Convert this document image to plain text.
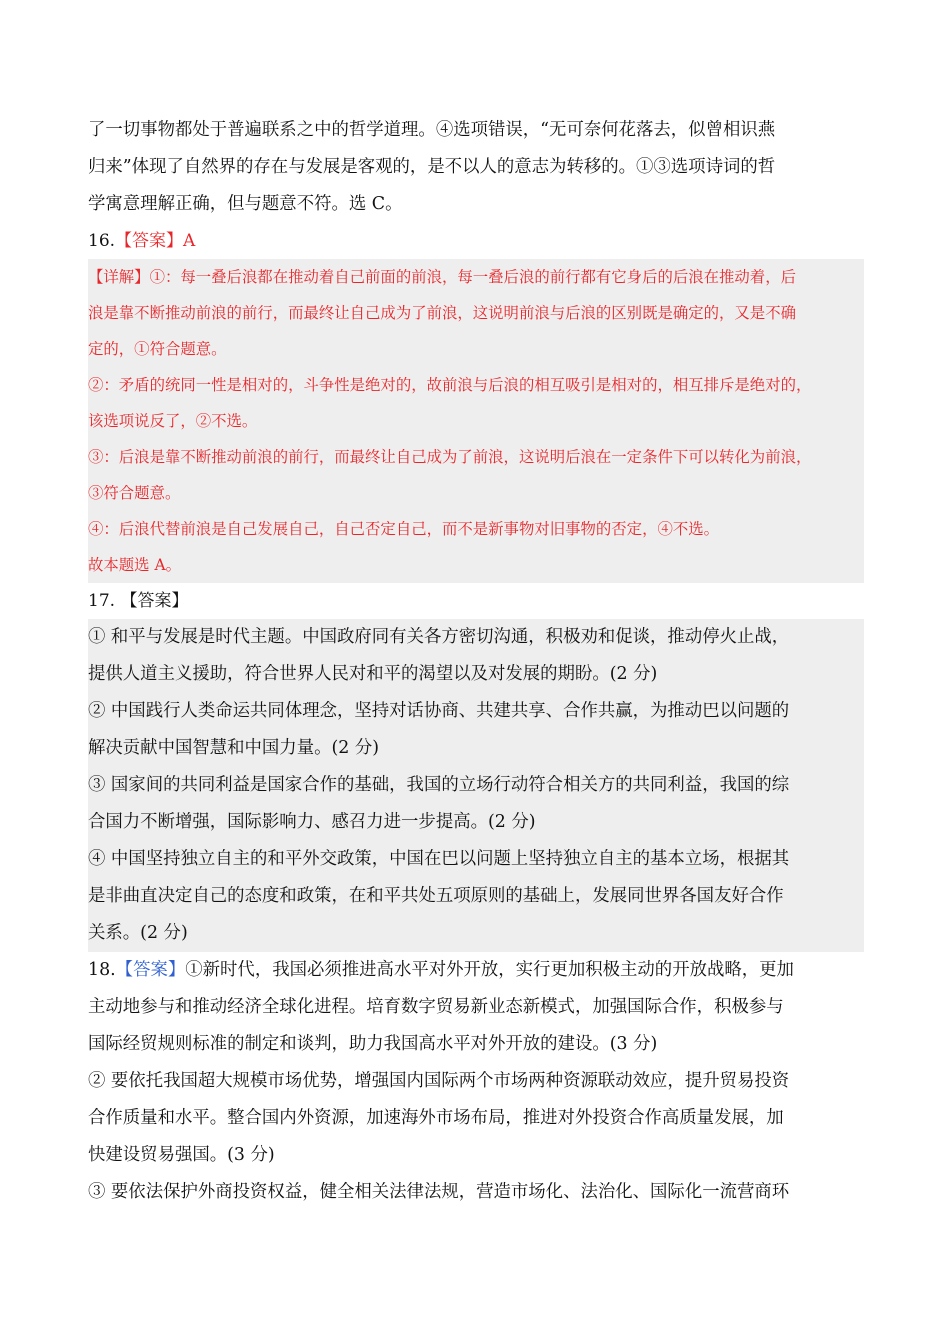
了一切事物都处于普遍联系之中的哲学道理。④选项错误，“无可奈何花落去，似曾相识燕

归来”体现了自然界的存在与发展是客观的，是不以人的意志为转移的。①③选项诗词的哲

学寓意理解正确，但与题意不符。选 C。

16.【答案】A

【详解】①：每一叠后浪都在推动着自己前面的前浪，每一叠后浪的前行都有它身后的后浪在推动着，后

浪是靠不断推动前浪的前行，而最终让自己成为了前浪，这说明前浪与后浪的区别既是确定的，又是不确

定的，①符合题意。

②：矛盾的统同一性是相对的，斗争性是绝对的，故前浪与后浪的相互吸引是相对的，相互排斥是绝对的，

该选项说反了，②不选。

③：后浪是靠不断推动前浪的前行，而最终让自己成为了前浪，这说明后浪在一定条件下可以转化为前浪，

③符合题意。

④：后浪代替前浪是自己发展自己，自己否定自己，而不是新事物对旧事物的否定，④不选。

故本题选 A。

17. 【答案】

① 和平与发展是时代主题。中国政府同有关各方密切沟通，积极劝和促谈，推动停火止战，

提供人道主义援助，符合世界人民对和平的渴望以及对发展的期盼。(2 分)

② 中国践行人类命运共同体理念，坚持对话协商、共建共享、合作共赢，为推动巴以问题的

解决贡献中国智慧和中国力量。(2 分)

③ 国家间的共同利益是国家合作的基础，我国的立场行动符合相关方的共同利益，我国的综

合国力不断增强，国际影响力、感召力进一步提高。(2 分)

④ 中国坚持独立自主的和平外交政策，中国在巴以问题上坚持独立自主的基本立场，根据其

是非曲直决定自己的态度和政策，在和平共处五项原则的基础上，发展同世界各国友好合作

关系。(2 分)

18.【答案】①新时代，我国必须推进高水平对外开放，实行更加积极主动的开放战略，更加

主动地参与和推动经济全球化进程。培育数字贸易新业态新模式，加强国际合作，积极参与

国际经贸规则标准的制定和谈判，助力我国高水平对外开放的建设。(3 分)

② 要依托我国超大规模市场优势，增强国内国际两个市场两种资源联动效应，提升贸易投资

合作质量和水平。整合国内外资源，加速海外市场布局，推进对外投资合作高质量发展，加

快建设贸易强国。(3 分)

③ 要依法保护外商投资权益，健全相关法律法规，营造市场化、法治化、国际化一流营商环
